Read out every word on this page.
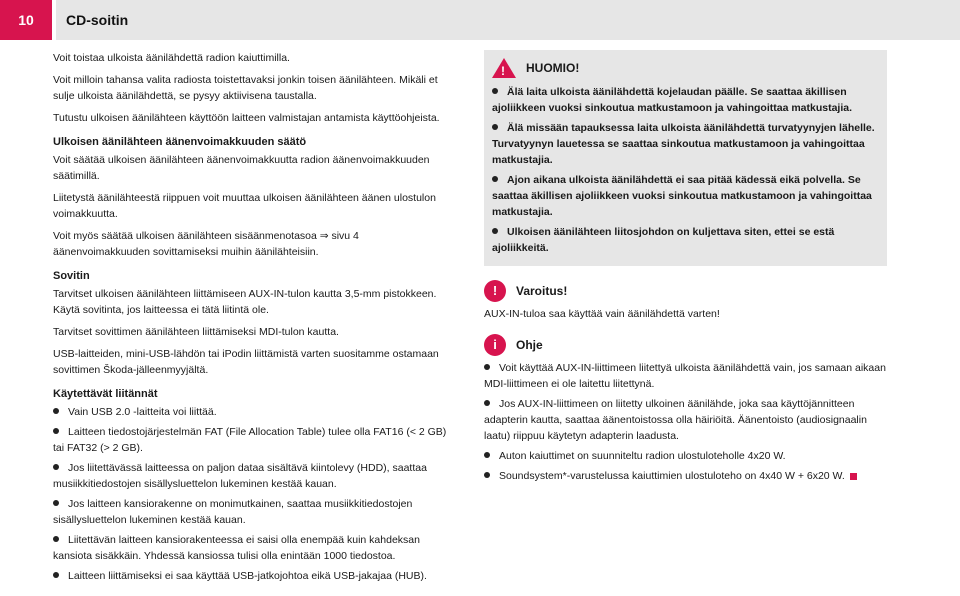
10	CD-soitin

Voit toistaa ulkoista äänilähdettä radion kaiuttimilla.

Voit milloin tahansa valita radiosta toistettavaksi jonkin toisen äänilähteen. Mikäli et sulje ulkoista äänilähdettä, se pysyy aktiivisena taustalla.

Tutustu ulkoisen äänilähteen käyttöön laitteen valmistajan antamista käyttöohjeista.

Ulkoisen äänilähteen äänenvoimakkuuden säätö

Voit säätää ulkoisen äänilähteen äänenvoimakkuutta radion äänenvoimakkuuden säätimillä.

Liitetystä äänilähteestä riippuen voit muuttaa ulkoisen äänilähteen äänen ulostulon voimakkuutta.

Voit myös säätää ulkoisen äänilähteen sisäänmenotasoa ⇒ sivu 4 äänenvoimakkuuden sovittamiseksi muihin äänilähteisiin.

Sovitin

Tarvitset ulkoisen äänilähteen liittämiseen AUX-IN-tulon kautta 3,5-mm pistokkeen. Käytä sovitinta, jos laitteessa ei tätä liitintä ole.

Tarvitset sovittimen äänilähteen liittämiseksi MDI-tulon kautta.

USB-laitteiden, mini-USB-lähdön tai iPodin liittämistä varten suositamme ostamaan sovittimen Škoda-jälleenmyyjältä.

Käytettävät liitännät
Vain USB 2.0 -laitteita voi liittää.
Laitteen tiedostojärjestelmän FAT (File Allocation Table) tulee olla FAT16 (< 2 GB) tai FAT32 (> 2 GB).
Jos liitettävässä laitteessa on paljon dataa sisältävä kiintolevy (HDD), saattaa musiikkitiedostojen sisällysluettelon lukeminen kestää kauan.
Jos laitteen kansiorakenne on monimutkainen, saattaa musiikkitiedostojen sisällysluettelon lukeminen kestää kauan.
Liitettävän laitteen kansiorakenteessa ei saisi olla enempää kuin kahdeksan kansiota sisäkkäin. Yhdessä kansiossa tulisi olla enintään 1000 tiedostoa.
Laitteen liittämiseksi ei saa käyttää USB-jatkojohtoa eikä USB-jakajaa (HUB).
! HUOMIO!
Älä laita ulkoista äänilähdettä kojelaudan päälle. Se saattaa äkillisen ajoliikkeen vuoksi sinkoutua matkustamoon ja vahingoittaa matkustajia.
Älä missään tapauksessa laita ulkoista äänilähdettä turvatyynyjen lähelle. Turvatyynyn lauetessa se saattaa sinkoutua matkustamoon ja vahingoittaa matkustajia.
Ajon aikana ulkoista äänilähdettä ei saa pitää kädessä eikä polvella. Se saattaa äkillisen ajoliikkeen vuoksi sinkoutua matkustamoon ja vahingoittaa matkustajia.
Ulkoisen äänilähteen liitosjohdon on kuljettava siten, ettei se estä ajoliikkeitä.
!	Varoitus!

AUX-IN-tuloa saa käyttää vain äänilähdettä varten!

i	Ohje
Voit käyttää AUX-IN-liittimeen liitettyä ulkoista äänilähdettä vain, jos samaan aikaan MDI-liittimeen ei ole laitettu liitettynä.
Jos AUX-IN-liittimeen on liitetty ulkoinen äänilähde, joka saa käyttöjännitteen adapterin kautta, saattaa äänentoistossa olla häiriöitä. Äänentoisto (audiosignaalin laatu) riippuu käytetyn adapterin laadusta.
Auton kaiuttimet on suunniteltu radion ulostuloteholle 4x20 W.
Soundsystem*-varustelussa kaiuttimien ulostuloteho on 4x40 W + 6x20 W.
